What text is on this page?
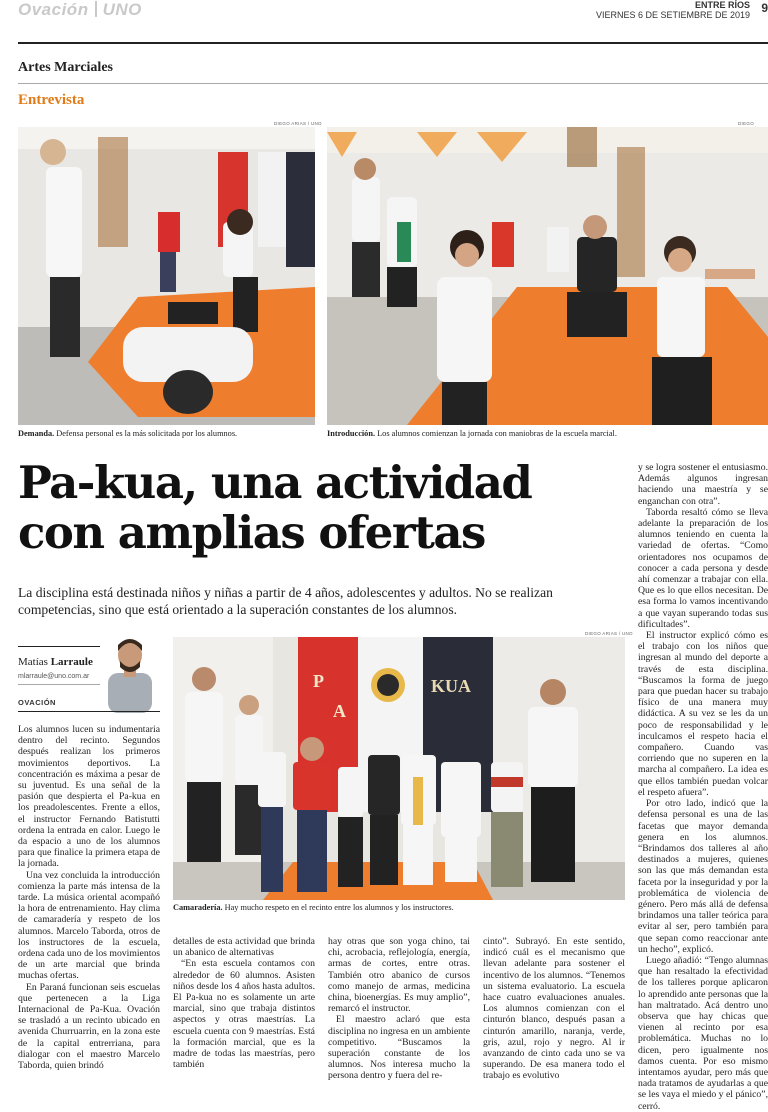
Ovación UNO	ENTRE RÍOS
VIERNES 6 DE SETIEMBRE DE 2019 9
Artes Marciales
Entrevista
DIEGO ARIAS / UNO
Demanda. Defensa personal es la más solicitada por los alumnos.
DIEGO
Introducción. Los alumnos comienzan la jornada con maniobras de la escuela marcial.
Pa-kua, una actividad con amplias ofertas
La disciplina está destinada niños y niñas a partir de 4 años, adolescentes y adultos. No se realizan competencias, sino que está orientado a la superación constantes de los alumnos.
Matías Larraule
mlarraule@uno.com.ar
OVACIÓN
DIEGO ARIAS / UNO
P
A
KUA
Camaradería. Hay mucho respeto en el recinto entre los alumnos y los instructores.

Los alumnos lucen su indumentaria dentro del recinto. Segundos después realizan los primeros movimientos deportivos. La concentración es máxima a pesar de su juventud. Es una señal de la pasión que despierta el Pa-kua en los preadolescentes. Frente a ellos, el instructor Fernando Batistutti ordena la entrada en calor. Luego le da espacio a uno de los alumnos para que finalice la primera etapa de la jornada.

Una vez concluida la introducción comienza la parte más intensa de la tarde. La música oriental acompañó la hora de entrenamiento. Hay clima de camaradería y respeto de los alumnos. Marcelo Taborda, otros de los instructores de la escuela, ordena cada uno de los movimientos de un arte marcial que brinda muchas ofertas.

En Paraná funcionan seis escuelas que pertenecen a la Liga Internacional de Pa-Kua. Ovación se trasladó a un recinto ubicado en avenida Churruarrin, en la zona este de la capital entrerriana, para dialogar con el maestro Marcelo Taborda, quien brindó

detalles de esta actividad que brinda un abanico de alternativas

“En esta escuela contamos con alrededor de 60 alumnos. Asisten niños desde los 4 años hasta adultos. El Pa-kua no es solamente un arte marcial, sino que trabaja distintos aspectos y otras maestrías. La escuela cuenta con 9 maestrías. Está la formación marcial, que es la madre de todas las maestrías, pero también

hay otras que son yoga chino, tai chi, acrobacia, reflejología, energía, armas de cortes, entre otras. También otro abanico de cursos como manejo de armas, medicina china, bioenergías. Es muy amplio”, remarcó el instructor.

El maestro aclaró que esta disciplina no ingresa en un ambiente competitivo. “Buscamos la superación constante de los alumnos. Nos interesa mucho la persona dentro y fuera del re-

cinto”. Subrayó. En este sentido, indicó cuál es el mecanismo que llevan adelante para sostener el incentivo de los alumnos. “Tenemos un sistema evaluatorio. La escuela hace cuatro evaluaciones anuales. Los alumnos comienzan con el cinturón blanco, después pasan a cinturón amarillo, naranja, verde, gris, azul, rojo y negro. Al ir avanzando de cinto cada uno se va superando. De esa manera todo el trabajo es evolutivo

y se logra sostener el entusiasmo. Además algunos ingresan haciendo una maestría y se enganchan con otra”.

Taborda resaltó cómo se lleva adelante la preparación de los alumnos teniendo en cuenta la variedad de ofertas. “Como orientadores nos ocupamos de conocer a cada persona y desde ahí comenzar a trabajar con ella. Que es lo que ellos necesitan. De esa forma lo vamos incentivando a que vayan superando todas sus dificultades”.

El instructor explicó cómo es el trabajo con los niños que ingresan al mundo del deporte a través de esta disciplina. “Buscamos la forma de juego para que puedan hacer su trabajo físico de una manera muy didáctica. A su vez se les da un poco de responsabilidad y le inculcamos el respeto hacia el compañero. Cuando vas corriendo que no superen en la marcha al compañero. La idea es que ellos también puedan volcar el respeto afuera”.

Por otro lado, indicó que la defensa personal es una de las facetas que mayor demanda genera en los alumnos. “Brindamos dos talleres al año destinados a mujeres, quienes son las que más demandan esta faceta por la inseguridad y por la problemática de violencia de género. Pero más allá de defensa brindamos una taller teórica para evitar al ser, pero también para que sepan como reaccionar ante un hecho”, explicó.

Luego añadió: “Tengo alumnas que han resaltado la efectividad de los talleres porque aplicaron lo aprendido ante personas que la han maltratado. Acá dentro uno observa que hay chicas que vienen al recinto por esa problemática. Muchas no lo dicen, pero igualmente nos damos cuenta. Por eso mismo intentamos ayudar, pero más que nada tratamos de ayudarlas a que se les vaya el miedo y el pánico”, cerró.
